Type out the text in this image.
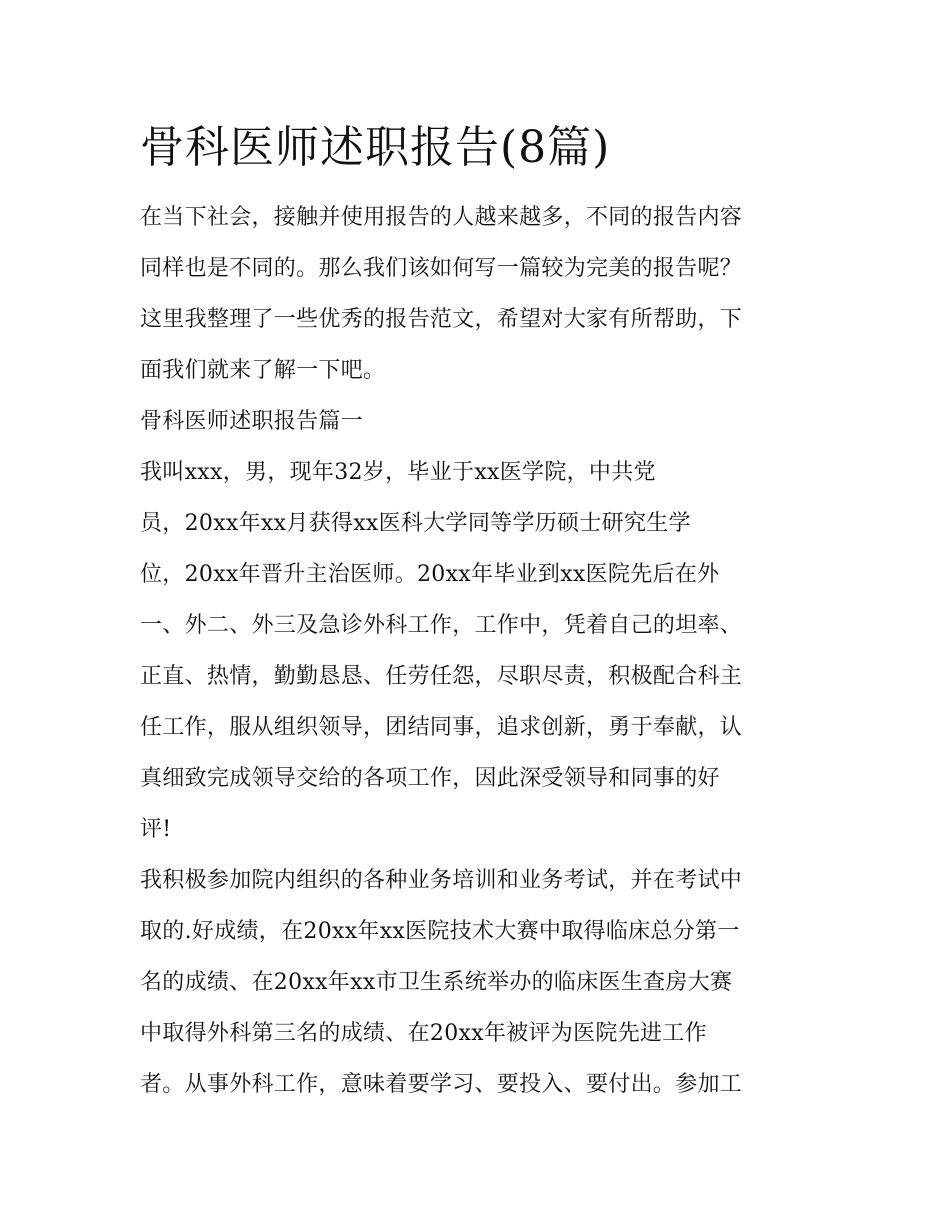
骨科医师述职报告(8篇)
在当下社会，接触并使用报告的人越来越多，不同的报告内容
同样也是不同的。那么我们该如何写一篇较为完美的报告呢？
这里我整理了一些优秀的报告范文，希望对大家有所帮助，下
面我们就来了解一下吧。
骨科医师述职报告篇一
我叫xxx，男，现年32岁，毕业于xx医学院，中共党
员，20xx年xx月获得xx医科大学同等学历硕士研究生学
位，20xx年晋升主治医师。20xx年毕业到xx医院先后在外
一、外二、外三及急诊外科工作，工作中，凭着自己的坦率、
正直、热情，勤勤恳恳、任劳任怨，尽职尽责，积极配合科主
任工作，服从组织领导，团结同事，追求创新，勇于奉献，认
真细致完成领导交给的各项工作，因此深受领导和同事的好
评!
我积极参加院内组织的各种业务培训和业务考试，并在考试中
取的.好成绩，在20xx年xx医院技术大赛中取得临床总分第一
名的成绩、在20xx年xx市卫生系统举办的临床医生查房大赛
中取得外科第三名的成绩、在20xx年被评为医院先进工作
者。从事外科工作，意味着要学习、要投入、要付出。参加工
